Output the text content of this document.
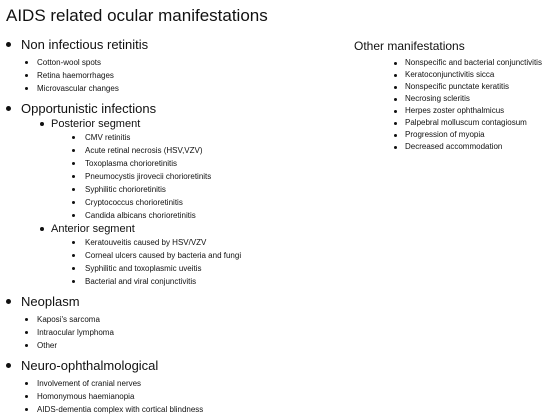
AIDS related ocular manifestations
Non infectious retinitis
Cotton-wool spots
Retina haemorrhages
Microvascular changes
Opportunistic infections
Posterior segment
CMV retinitis
Acute retinal necrosis (HSV,VZV)
Toxoplasma chorioretinitis
Pneumocystis jirovecii chorioretinits
Syphilitic chorioretinitis
Cryptococcus chorioretinitis
Candida albicans chorioretinitis
Anterior segment
Keratouveitis caused by HSV/VZV
Corneal ulcers caused by bacteria and fungi
Syphilitic and toxoplasmic uveitis
Bacterial and viral conjunctivitis
Neoplasm
Kaposi's sarcoma
Intraocular lymphoma
Other
Neuro-ophthalmological
Involvement of cranial nerves
Homonymous haemianopia
AIDS-dementia complex with cortical blindness
Other manifestations
Nonspecific and bacterial conjunctivitis
Keratoconjunctivitis sicca
Nonspecific punctate keratitis
Necrosing scleritis
Herpes zoster ophthalmicus
Palpebral molluscum contagiosum
Progression of myopia
Decreased accommodation
